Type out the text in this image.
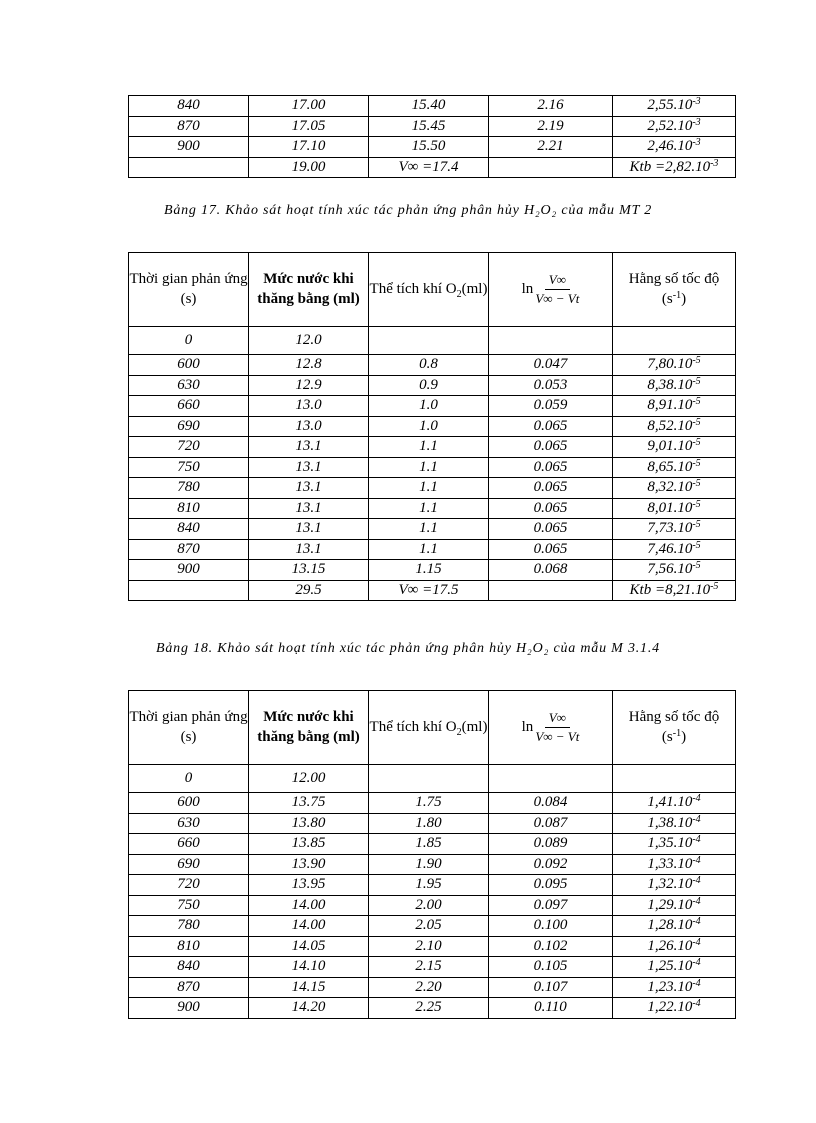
840	17.00	15.40	2.16	$2,55.10^{-3}$
870	17.05	15.45	2.19	$2,52.10^{-3}$
900	17.10	15.50	2.21	$2,46.10^{-3}$
	19.00	V∞ =17.4		Ktb $=2,82.10^{-3}$
Bảng 17. Khảo sát hoạt tính xúc tác phản ứng phân hủy H₂O₂ của mẫu MT 2
Thời gian phản ứng (s)	Mức nước khi thăng bằng (ml)	Thể tích khí $O_2(ml)$	$\ln \frac{V\infty}{V\infty - Vt}$	Hằng số tốc độ
$(s^{-1})$
0	12.0			
600	12.8	0.8	0.047	$7,80.10^{-5}$
630	12.9	0.9	0.053	$8,38.10^{-5}$
660	13.0	1.0	0.059	$8,91.10^{-5}$
690	13.0	1.0	0.065	$8,52.10^{-5}$
720	13.1	1.1	0.065	$9,01.10^{-5}$
750	13.1	1.1	0.065	$8,65.10^{-5}$
780	13.1	1.1	0.065	$8,32.10^{-5}$
810	13.1	1.1	0.065	$8,01.10^{-5}$
840	13.1	1.1	0.065	$7,73.10^{-5}$
870	13.1	1.1	0.065	$7,46.10^{-5}$
900	13.15	1.15	0.068	$7,56.10^{-5}$
	29.5	V∞ =17.5		Ktb $=8,21.10^{-5}$
Bảng 18. Khảo sát hoạt tính xúc tác phản ứng phân hủy H₂O₂ của mẫu M 3.1.4
Thời gian phản ứng (s)	Mức nước khi thăng bằng (ml)	Thể tích khí $O_2(ml)$	$\ln \frac{V\infty}{V\infty - Vt}$	Hằng số tốc độ
$(s^{-1})$
0	12.00			
600	13.75	1.75	0.084	$1,41.10^{-4}$
630	13.80	1.80	0.087	$1,38.10^{-4}$
660	13.85	1.85	0.089	$1,35.10^{-4}$
690	13.90	1.90	0.092	$1,33.10^{-4}$
720	13.95	1.95	0.095	$1,32.10^{-4}$
750	14.00	2.00	0.097	$1,29.10^{-4}$
780	14.00	2.05	0.100	$1,28.10^{-4}$
810	14.05	2.10	0.102	$1,26.10^{-4}$
840	14.10	2.15	0.105	$1,25.10^{-4}$
870	14.15	2.20	0.107	$1,23.10^{-4}$
900	14.20	2.25	0.110	$1,22.10^{-4}$
